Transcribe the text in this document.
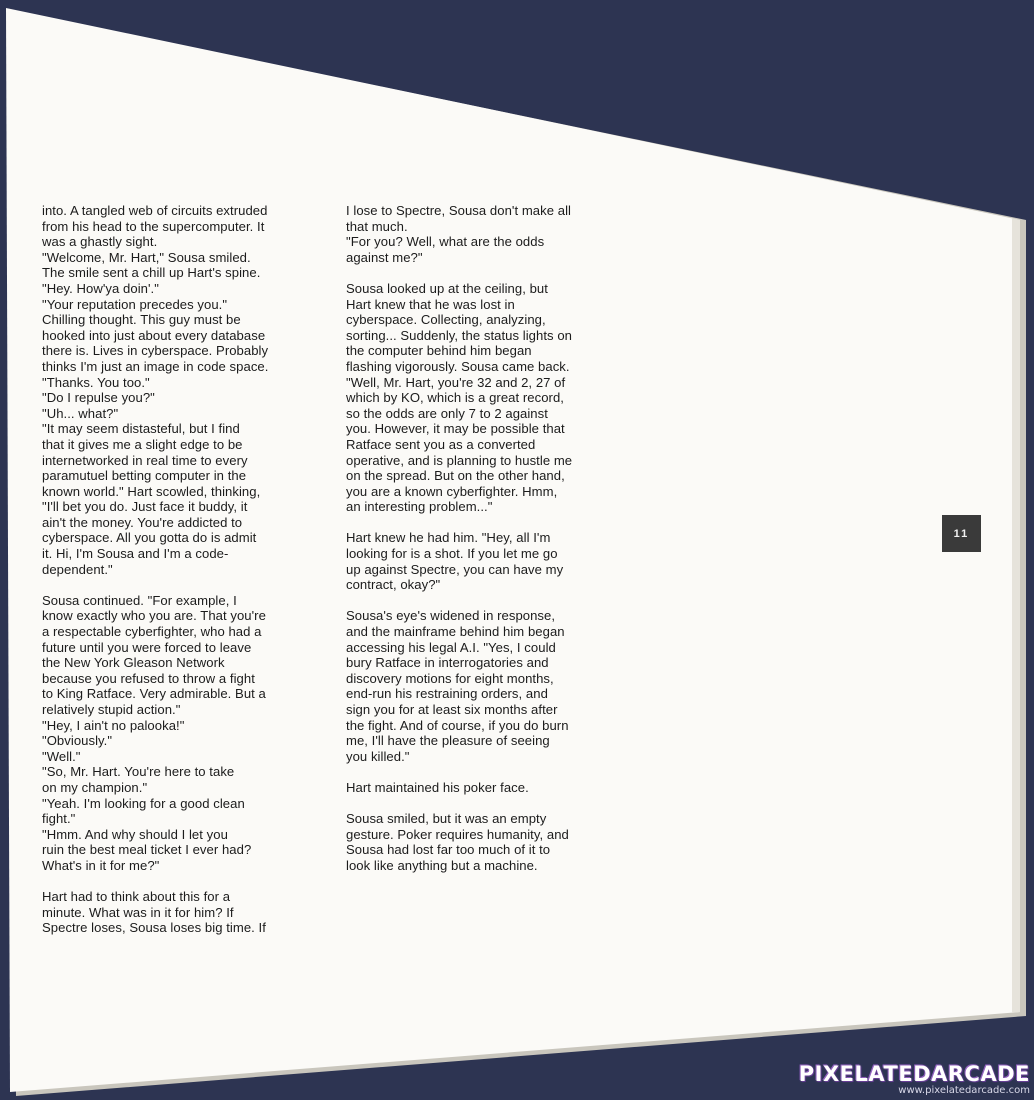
into. A tangled web of circuits extruded
from his head to the supercomputer. It
was a ghastly sight.

"Welcome, Mr. Hart," Sousa smiled.
The smile sent a chill up Hart's spine.

"Hey. How'ya doin'."

"Your reputation precedes you."
Chilling thought. This guy must be
hooked into just about every database
there is. Lives in cyberspace. Probably
thinks I'm just an image in code space.

"Thanks. You too."

"Do I repulse you?"

"Uh... what?"

"It may seem distasteful, but I find
that it gives me a slight edge to be
internetworked in real time to every
paramutuel betting computer in the
known world." Hart scowled, thinking,
"I'll bet you do. Just face it buddy, it
ain't the money. You're addicted to
cyberspace. All you gotta do is admit
it. Hi, I'm Sousa and I'm a code-
dependent."

Sousa continued. "For example, I
know exactly who you are. That you're
a respectable cyberfighter, who had a
future until you were forced to leave
the New York Gleason Network
because you refused to throw a fight
to King Ratface. Very admirable. But a
relatively stupid action."

"Hey, I ain't no palooka!"

"Obviously."

"Well."

"So, Mr. Hart. You're here to take
on my champion."

"Yeah. I'm looking for a good clean
fight."

"Hmm. And why should I let you
ruin the best meal ticket I ever had?
What's in it for me?"

Hart had to think about this for a
minute. What was in it for him? If
Spectre loses, Sousa loses big time. If

I lose to Spectre, Sousa don't make all
that much.

"For you? Well, what are the odds
against me?"

Sousa looked up at the ceiling, but
Hart knew that he was lost in
cyberspace. Collecting, analyzing,
sorting... Suddenly, the status lights on
the computer behind him began
flashing vigorously. Sousa came back.
"Well, Mr. Hart, you're 32 and 2, 27 of
which by KO, which is a great record,
so the odds are only 7 to 2 against
you. However, it may be possible that
Ratface sent you as a converted
operative, and is planning to hustle me
on the spread. But on the other hand,
you are a known cyberfighter. Hmm,
an interesting problem..."

Hart knew he had him. "Hey, all I'm
looking for is a shot. If you let me go
up against Spectre, you can have my
contract, okay?"

Sousa's eye's widened in response,
and the mainframe behind him began
accessing his legal A.I. "Yes, I could
bury Ratface in interrogatories and
discovery motions for eight months,
end-run his restraining orders, and
sign you for at least six months after
the fight. And of course, if you do burn
me, I'll have the pleasure of seeing
you killed."

Hart maintained his poker face.

Sousa smiled, but it was an empty
gesture. Poker requires humanity, and
Sousa had lost far too much of it to
look like anything but a machine.

11
PIXELATEDARCADE
www.pixelatedarcade.com
